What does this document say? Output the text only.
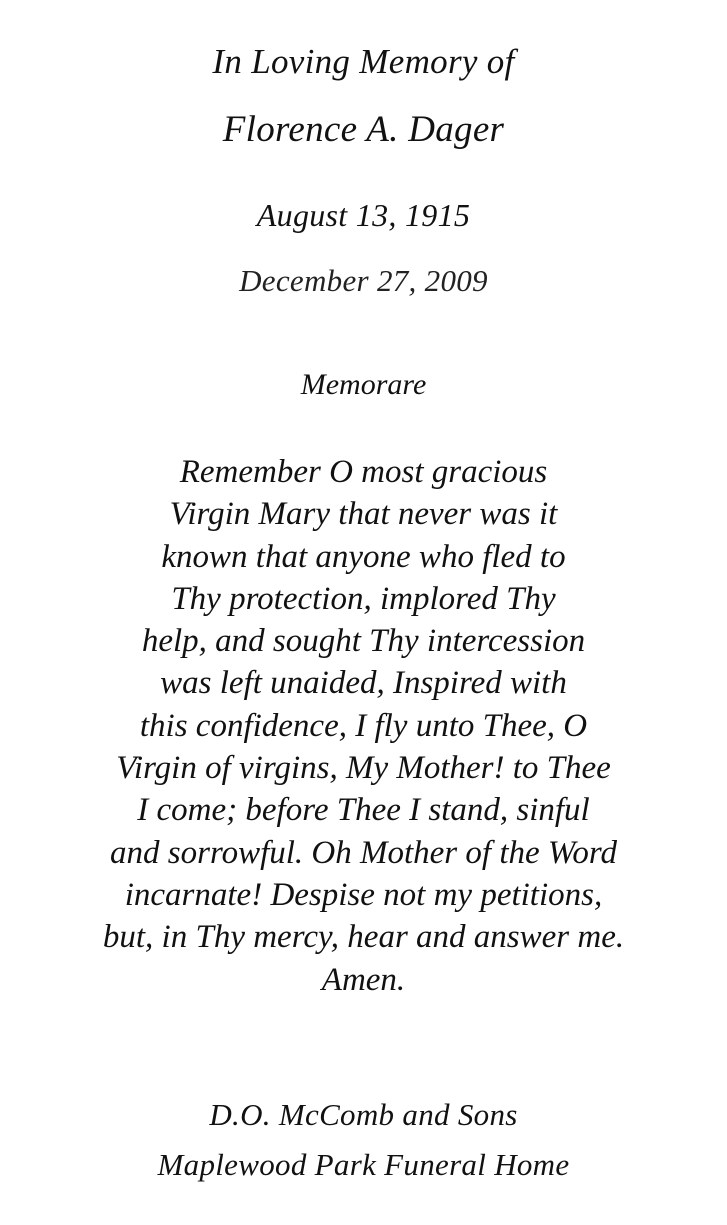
In Loving Memory of
Florence A. Dager
August 13, 1915
December 27, 2009
Memorare
Remember O most gracious
Virgin Mary that never was it
known that anyone who fled to
Thy protection, implored Thy
help, and sought Thy intercession
was left unaided, Inspired with
this confidence, I fly unto Thee, O
Virgin of virgins, My Mother! to Thee
I come; before Thee I stand, sinful
and sorrowful. Oh Mother of the Word
incarnate! Despise not my petitions,
but, in Thy mercy, hear and answer me.
Amen.
D.O. McComb and Sons
Maplewood Park Funeral Home
